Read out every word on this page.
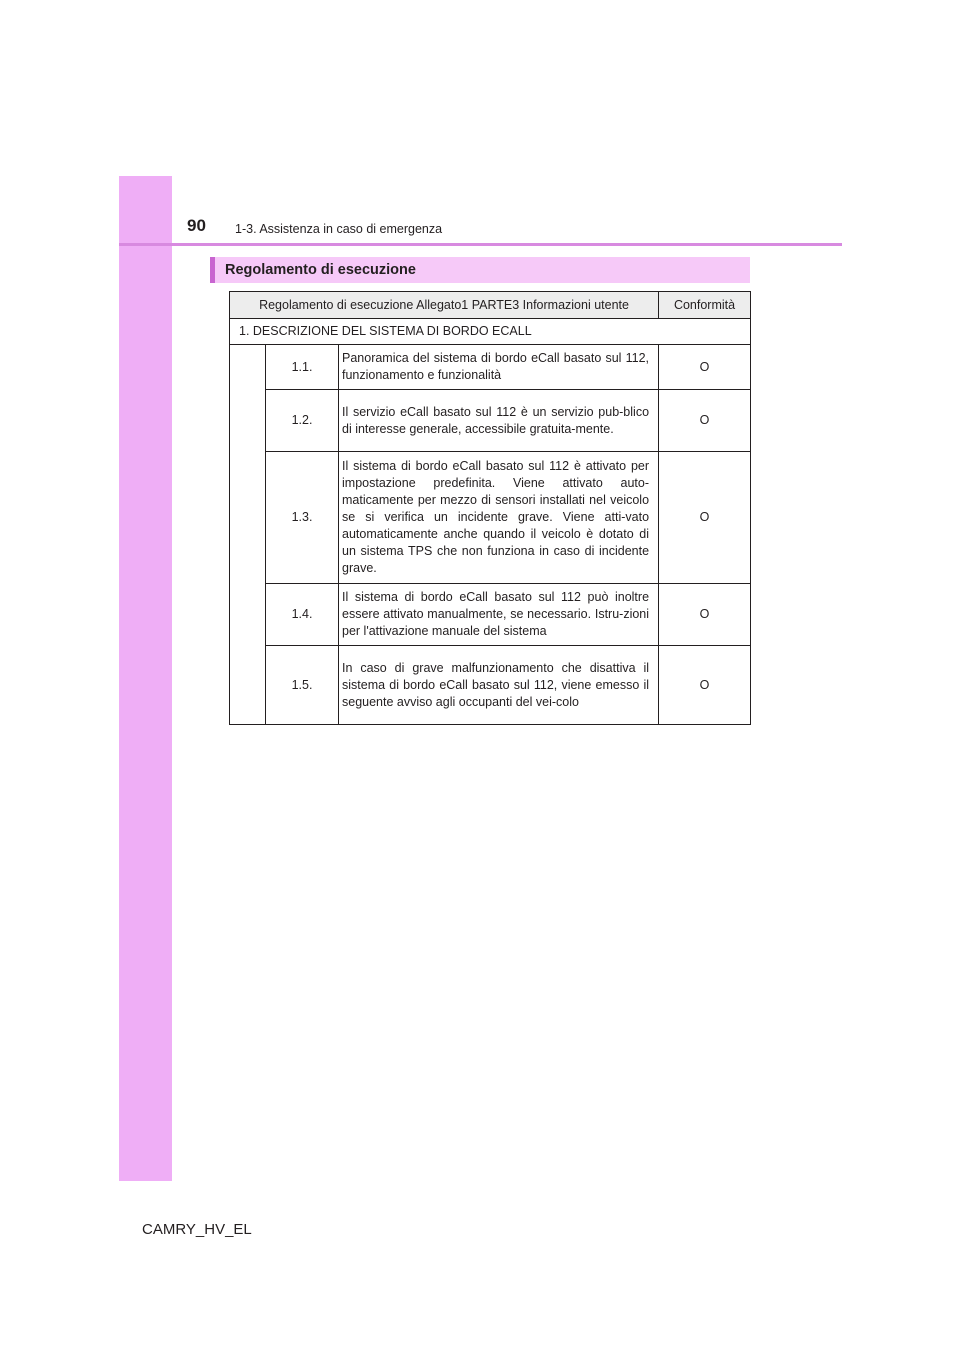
90 1-3. Assistenza in caso di emergenza
Regolamento di esecuzione
Regolamento di esecuzione Allegato1 PARTE3 Informazioni utente			Conformità
1. DESCRIZIONE DEL SISTEMA DI BORDO ECALL			
	1.1.	Panoramica del sistema di bordo eCall basato sul 112, funzionamento e funzionalità	O
	1.2.	Il servizio eCall basato sul 112 è un servizio pub-blico di interesse generale, accessibile gratuita-mente.	O
	1.3.	Il sistema di bordo eCall basato sul 112 è attivato per impostazione predefinita. Viene attivato auto-maticamente per mezzo di sensori installati nel veicolo se si verifica un incidente grave. Viene atti-vato automaticamente anche quando il veicolo è dotato di un sistema TPS che non funziona in caso di incidente grave.	O
	1.4.	Il sistema di bordo eCall basato sul 112 può inoltre essere attivato manualmente, se necessario. Istru-zioni per l'attivazione manuale del sistema	O
	1.5.	In caso di grave malfunzionamento che disattiva il sistema di bordo eCall basato sul 112, viene emesso il seguente avviso agli occupanti del vei-colo	O
CAMRY_HV_EL
